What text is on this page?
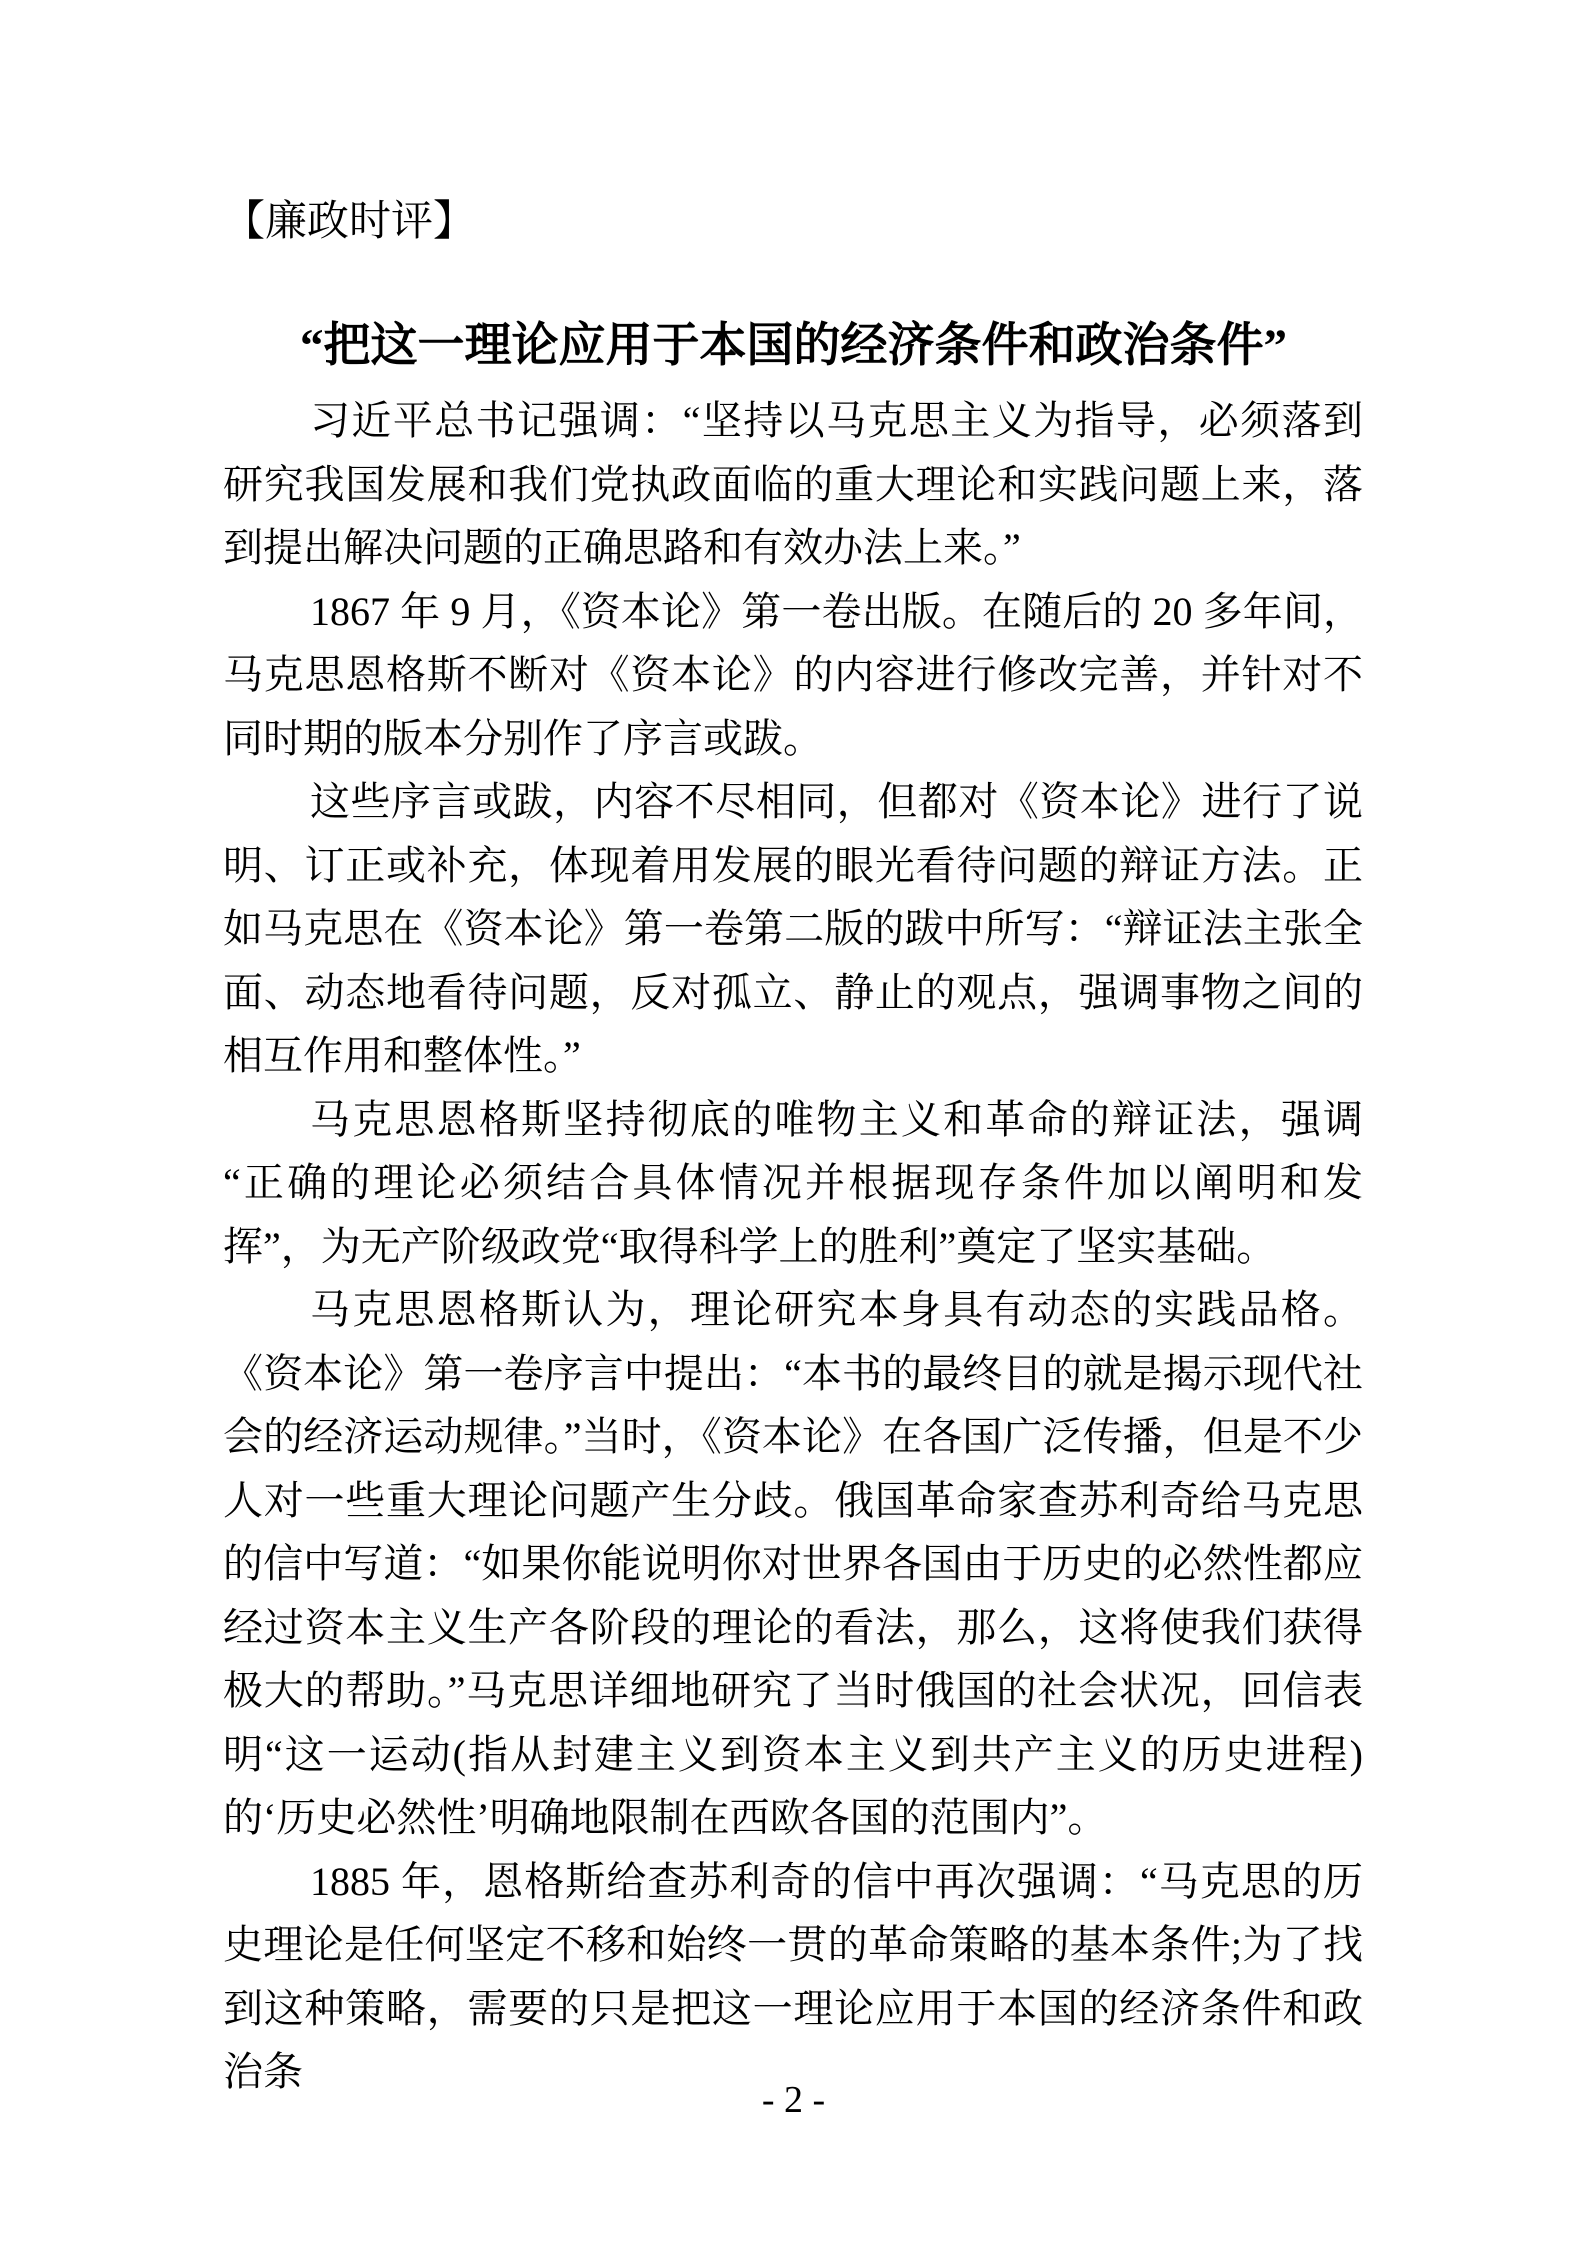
【廉政时评】
“把这一理论应用于本国的经济条件和政治条件”

习近平总书记强调：“坚持以马克思主义为指导，必须落到研究我国发展和我们党执政面临的重大理论和实践问题上来，落到提出解决问题的正确思路和有效办法上来。”

1867 年 9 月，《资本论》第一卷出版。在随后的 20 多年间，马克思恩格斯不断对《资本论》的内容进行修改完善，并针对不同时期的版本分别作了序言或跋。

这些序言或跋，内容不尽相同，但都对《资本论》进行了说明、订正或补充，体现着用发展的眼光看待问题的辩证方法。正如马克思在《资本论》第一卷第二版的跋中所写：“辩证法主张全面、动态地看待问题，反对孤立、静止的观点，强调事物之间的相互作用和整体性。”

马克思恩格斯坚持彻底的唯物主义和革命的辩证法，强调“正确的理论必须结合具体情况并根据现存条件加以阐明和发挥”，为无产阶级政党“取得科学上的胜利”奠定了坚实基础。

马克思恩格斯认为，理论研究本身具有动态的实践品格。《资本论》第一卷序言中提出：“本书的最终目的就是揭示现代社会的经济运动规律。”当时，《资本论》在各国广泛传播，但是不少人对一些重大理论问题产生分歧。俄国革命家查苏利奇给马克思的信中写道：“如果你能说明你对世界各国由于历史的必然性都应经过资本主义生产各阶段的理论的看法，那么，这将使我们获得极大的帮助。”马克思详细地研究了当时俄国的社会状况，回信表明“这一运动(指从封建主义到资本主义到共产主义的历史进程)的‘历史必然性’明确地限制在西欧各国的范围内”。

1885 年，恩格斯给查苏利奇的信中再次强调：“马克思的历史理论是任何坚定不移和始终一贯的革命策略的基本条件;为了找到这种策略，需要的只是把这一理论应用于本国的经济条件和政治条

- 2 -
